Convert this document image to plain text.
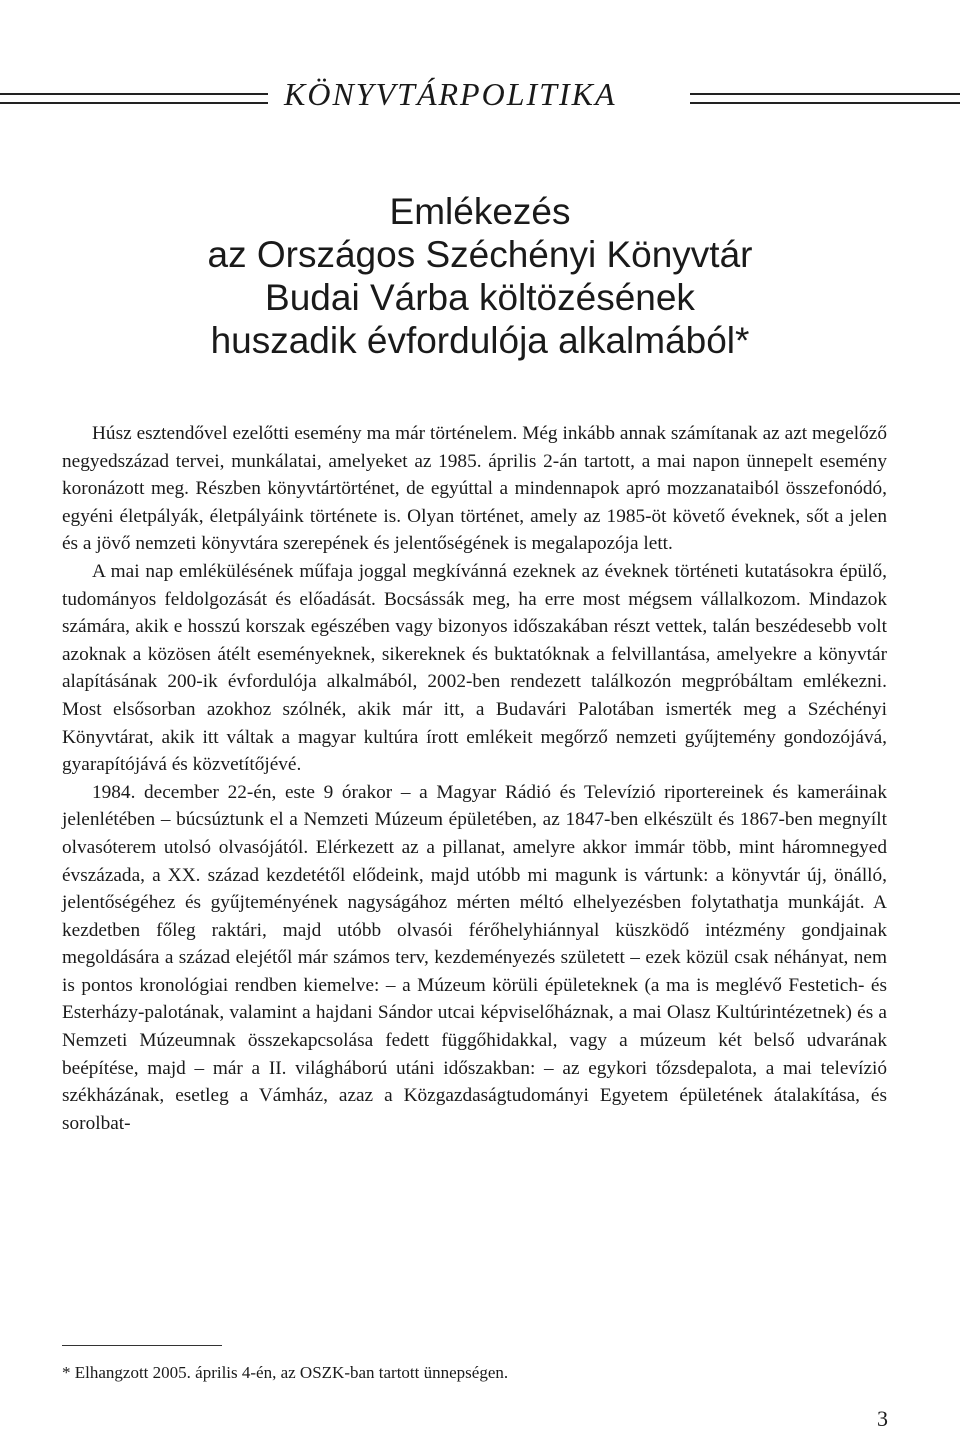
KÖNYVTÁRPOLITIKA
Emlékezés
az Országos Széchényi Könyvtár
Budai Várba költözésének
huszadik évfordulója alkalmából*

Húsz esztendővel ezelőtti esemény ma már történelem. Még inkább annak számítanak az azt megelőző negyedszázad tervei, munkálatai, amelyeket az 1985. április 2-án tartott, a mai napon ünnepelt esemény koronázott meg. Részben könyvtártörténet, de egyúttal a mindennapok apró mozzanataiból összefonódó, egyéni életpályák, életpályáink története is. Olyan történet, amely az 1985-öt követő éveknek, sőt a jelen és a jövő nemzeti könyvtára szerepének és jelentőségének is megalapozója lett.

A mai nap emlékülésének műfaja joggal megkívánná ezeknek az éveknek történeti kutatásokra épülő, tudományos feldolgozását és előadását. Bocsássák meg, ha erre most mégsem vállalkozom. Mindazok számára, akik e hosszú korszak egészében vagy bizonyos időszakában részt vettek, talán beszédesebb volt azoknak a közösen átélt eseményeknek, sikereknek és buktatóknak a felvillantása, amelyekre a könyvtár alapításának 200-ik évfordulója alkalmából, 2002-ben rendezett találkozón megpróbáltam emlékezni. Most elsősorban azokhoz szólnék, akik már itt, a Budavári Palotában ismerték meg a Széchényi Könyvtárat, akik itt váltak a magyar kultúra írott emlékeit megőrző nemzeti gyűjtemény gondozójává, gyarapítójává és közvetítőjévé.

1984. december 22-én, este 9 órakor – a Magyar Rádió és Televízió riportereinek és kameráinak jelenlétében – búcsúztunk el a Nemzeti Múzeum épületében, az 1847-ben elkészült és 1867-ben megnyílt olvasóterem utolsó olvasójától. Elérkezett az a pillanat, amelyre akkor immár több, mint háromnegyed évszázada, a XX. század kezdetétől elődeink, majd utóbb mi magunk is vártunk: a könyvtár új, önálló, jelentőségéhez és gyűjteményének nagyságához mérten méltó elhelyezésben folytathatja munkáját. A kezdetben főleg raktári, majd utóbb olvasói férőhelyhiánnyal küszködő intézmény gondjainak megoldására a század elejétől már számos terv, kezdeményezés született – ezek közül csak néhányat, nem is pontos kronológiai rendben kiemelve: – a Múzeum körüli épületeknek (a ma is meglévő Festetich- és Esterházy-palotának, valamint a hajdani Sándor utcai képviselőháznak, a mai Olasz Kultúrintézetnek) és a Nemzeti Múzeumnak összekapcsolása fedett függőhidakkal, vagy a múzeum két belső udvarának beépítése, majd – már a II. világháború utáni időszakban: – az egykori tőzsdepalota, a mai televízió székházának, esetleg a Vámház, azaz a Közgazdaságtudományi Egyetem épületének átalakítása, és sorolbat-

* Elhangzott 2005. április 4-én, az OSZK-ban tartott ünnepségen.
3
